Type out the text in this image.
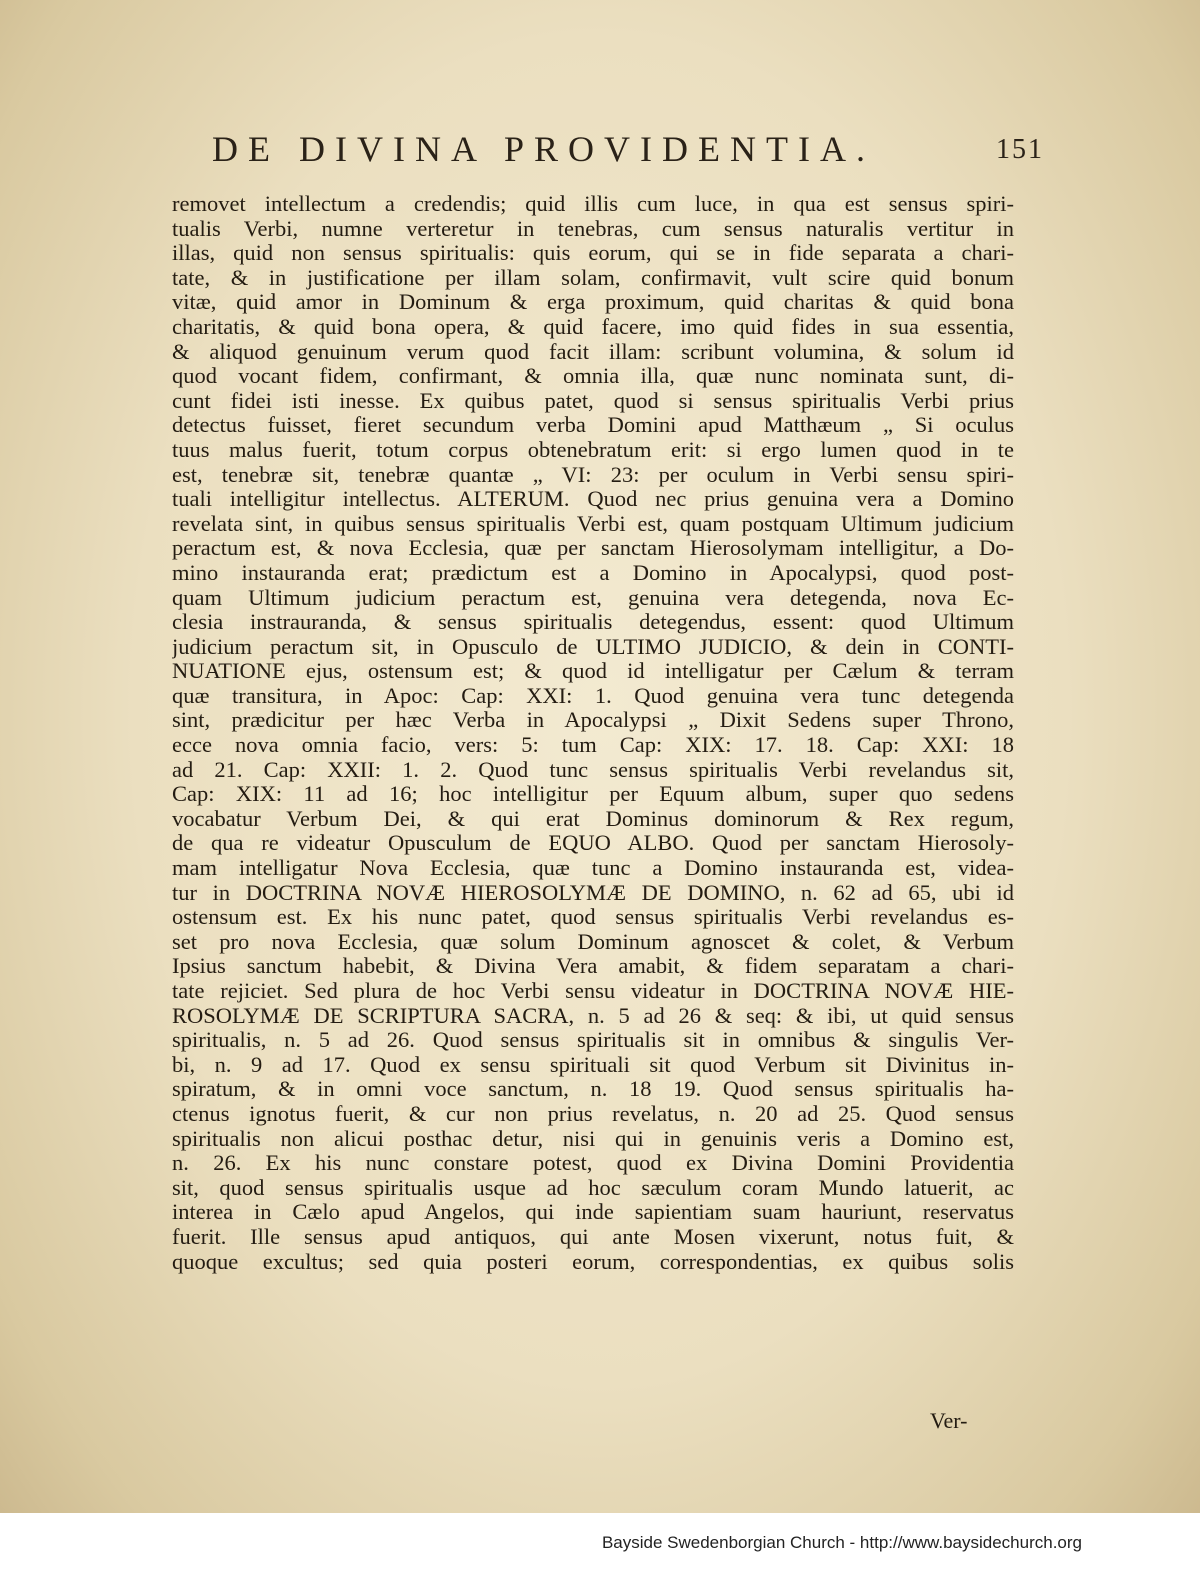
DE DIVINA PROVIDENTIA.	151
removet intellectum a credendis; quid illis cum luce, in qua est sensus spiri-
tualis Verbi, numne verteretur in tenebras, cum sensus naturalis vertitur in
illas, quid non sensus spiritualis: quis eorum, qui se in fide separata a chari-
tate, & in justificatione per illam solam, confirmavit, vult scire quid bonum
vitæ, quid amor in Dominum & erga proximum, quid charitas & quid bona
charitatis, & quid bona opera, & quid facere, imo quid fides in sua essentia,
& aliquod genuinum verum quod facit illam: scribunt volumina, & solum id
quod vocant fidem, confirmant, & omnia illa, quæ nunc nominata sunt, di-
cunt fidei isti inesse. Ex quibus patet, quod si sensus spiritualis Verbi prius
detectus fuisset, fieret secundum verba Domini apud Matthæum „ Si oculus
tuus malus fuerit, totum corpus obtenebratum erit: si ergo lumen quod in te
est, tenebræ sit, tenebræ quantæ „ VI: 23: per oculum in Verbi sensu spiri-
tuali intelligitur intellectus. ALTERUM. Quod nec prius genuina vera a Domino
revelata sint, in quibus sensus spiritualis Verbi est, quam postquam Ultimum judicium
peractum est, & nova Ecclesia, quæ per sanctam Hierosolymam intelligitur, a Do-
mino instauranda erat; prædictum est a Domino in Apocalypsi, quod post-
quam Ultimum judicium peractum est, genuina vera detegenda, nova Ec-
clesia instrauranda, & sensus spiritualis detegendus, essent: quod Ultimum
judicium peractum sit, in Opusculo de ULTIMO JUDICIO, & dein in CONTI-
NUATIONE ejus, ostensum est; & quod id intelligatur per Cælum & terram
quæ transitura, in Apoc: Cap: XXI: 1. Quod genuina vera tunc detegenda
sint, prædicitur per hæc Verba in Apocalypsi „ Dixit Sedens super Throno,
ecce nova omnia facio, vers: 5: tum Cap: XIX: 17. 18. Cap: XXI: 18
ad 21. Cap: XXII: 1. 2. Quod tunc sensus spiritualis Verbi revelandus sit,
Cap: XIX: 11 ad 16; hoc intelligitur per Equum album, super quo sedens
vocabatur Verbum Dei, & qui erat Dominus dominorum & Rex regum,
de qua re videatur Opusculum de EQUO ALBO. Quod per sanctam Hierosoly-
mam intelligatur Nova Ecclesia, quæ tunc a Domino instauranda est, videa-
tur in DOCTRINA NOVÆ HIEROSOLYMÆ DE DOMINO, n. 62 ad 65, ubi id
ostensum est. Ex his nunc patet, quod sensus spiritualis Verbi revelandus es-
set pro nova Ecclesia, quæ solum Dominum agnoscet & colet, & Verbum
Ipsius sanctum habebit, & Divina Vera amabit, & fidem separatam a chari-
tate rejiciet. Sed plura de hoc Verbi sensu videatur in DOCTRINA NOVÆ HIE-
ROSOLYMÆ DE SCRIPTURA SACRA, n. 5 ad 26 & seq: & ibi, ut quid sensus
spiritualis, n. 5 ad 26. Quod sensus spiritualis sit in omnibus & singulis Ver-
bi, n. 9 ad 17. Quod ex sensu spirituali sit quod Verbum sit Divinitus in-
spiratum, & in omni voce sanctum, n. 18 19. Quod sensus spiritualis ha-
ctenus ignotus fuerit, & cur non prius revelatus, n. 20 ad 25. Quod sensus
spiritualis non alicui posthac detur, nisi qui in genuinis veris a Domino est,
n. 26. Ex his nunc constare potest, quod ex Divina Domini Providentia
sit, quod sensus spiritualis usque ad hoc sæculum coram Mundo latuerit, ac
interea in Cælo apud Angelos, qui inde sapientiam suam hauriunt, reservatus
fuerit. Ille sensus apud antiquos, qui ante Mosen vixerunt, notus fuit, &
quoque excultus; sed quia posteri eorum, correspondentias, ex quibus solis
Ver-
Bayside Swedenborgian Church - http://www.baysidechurch.org
